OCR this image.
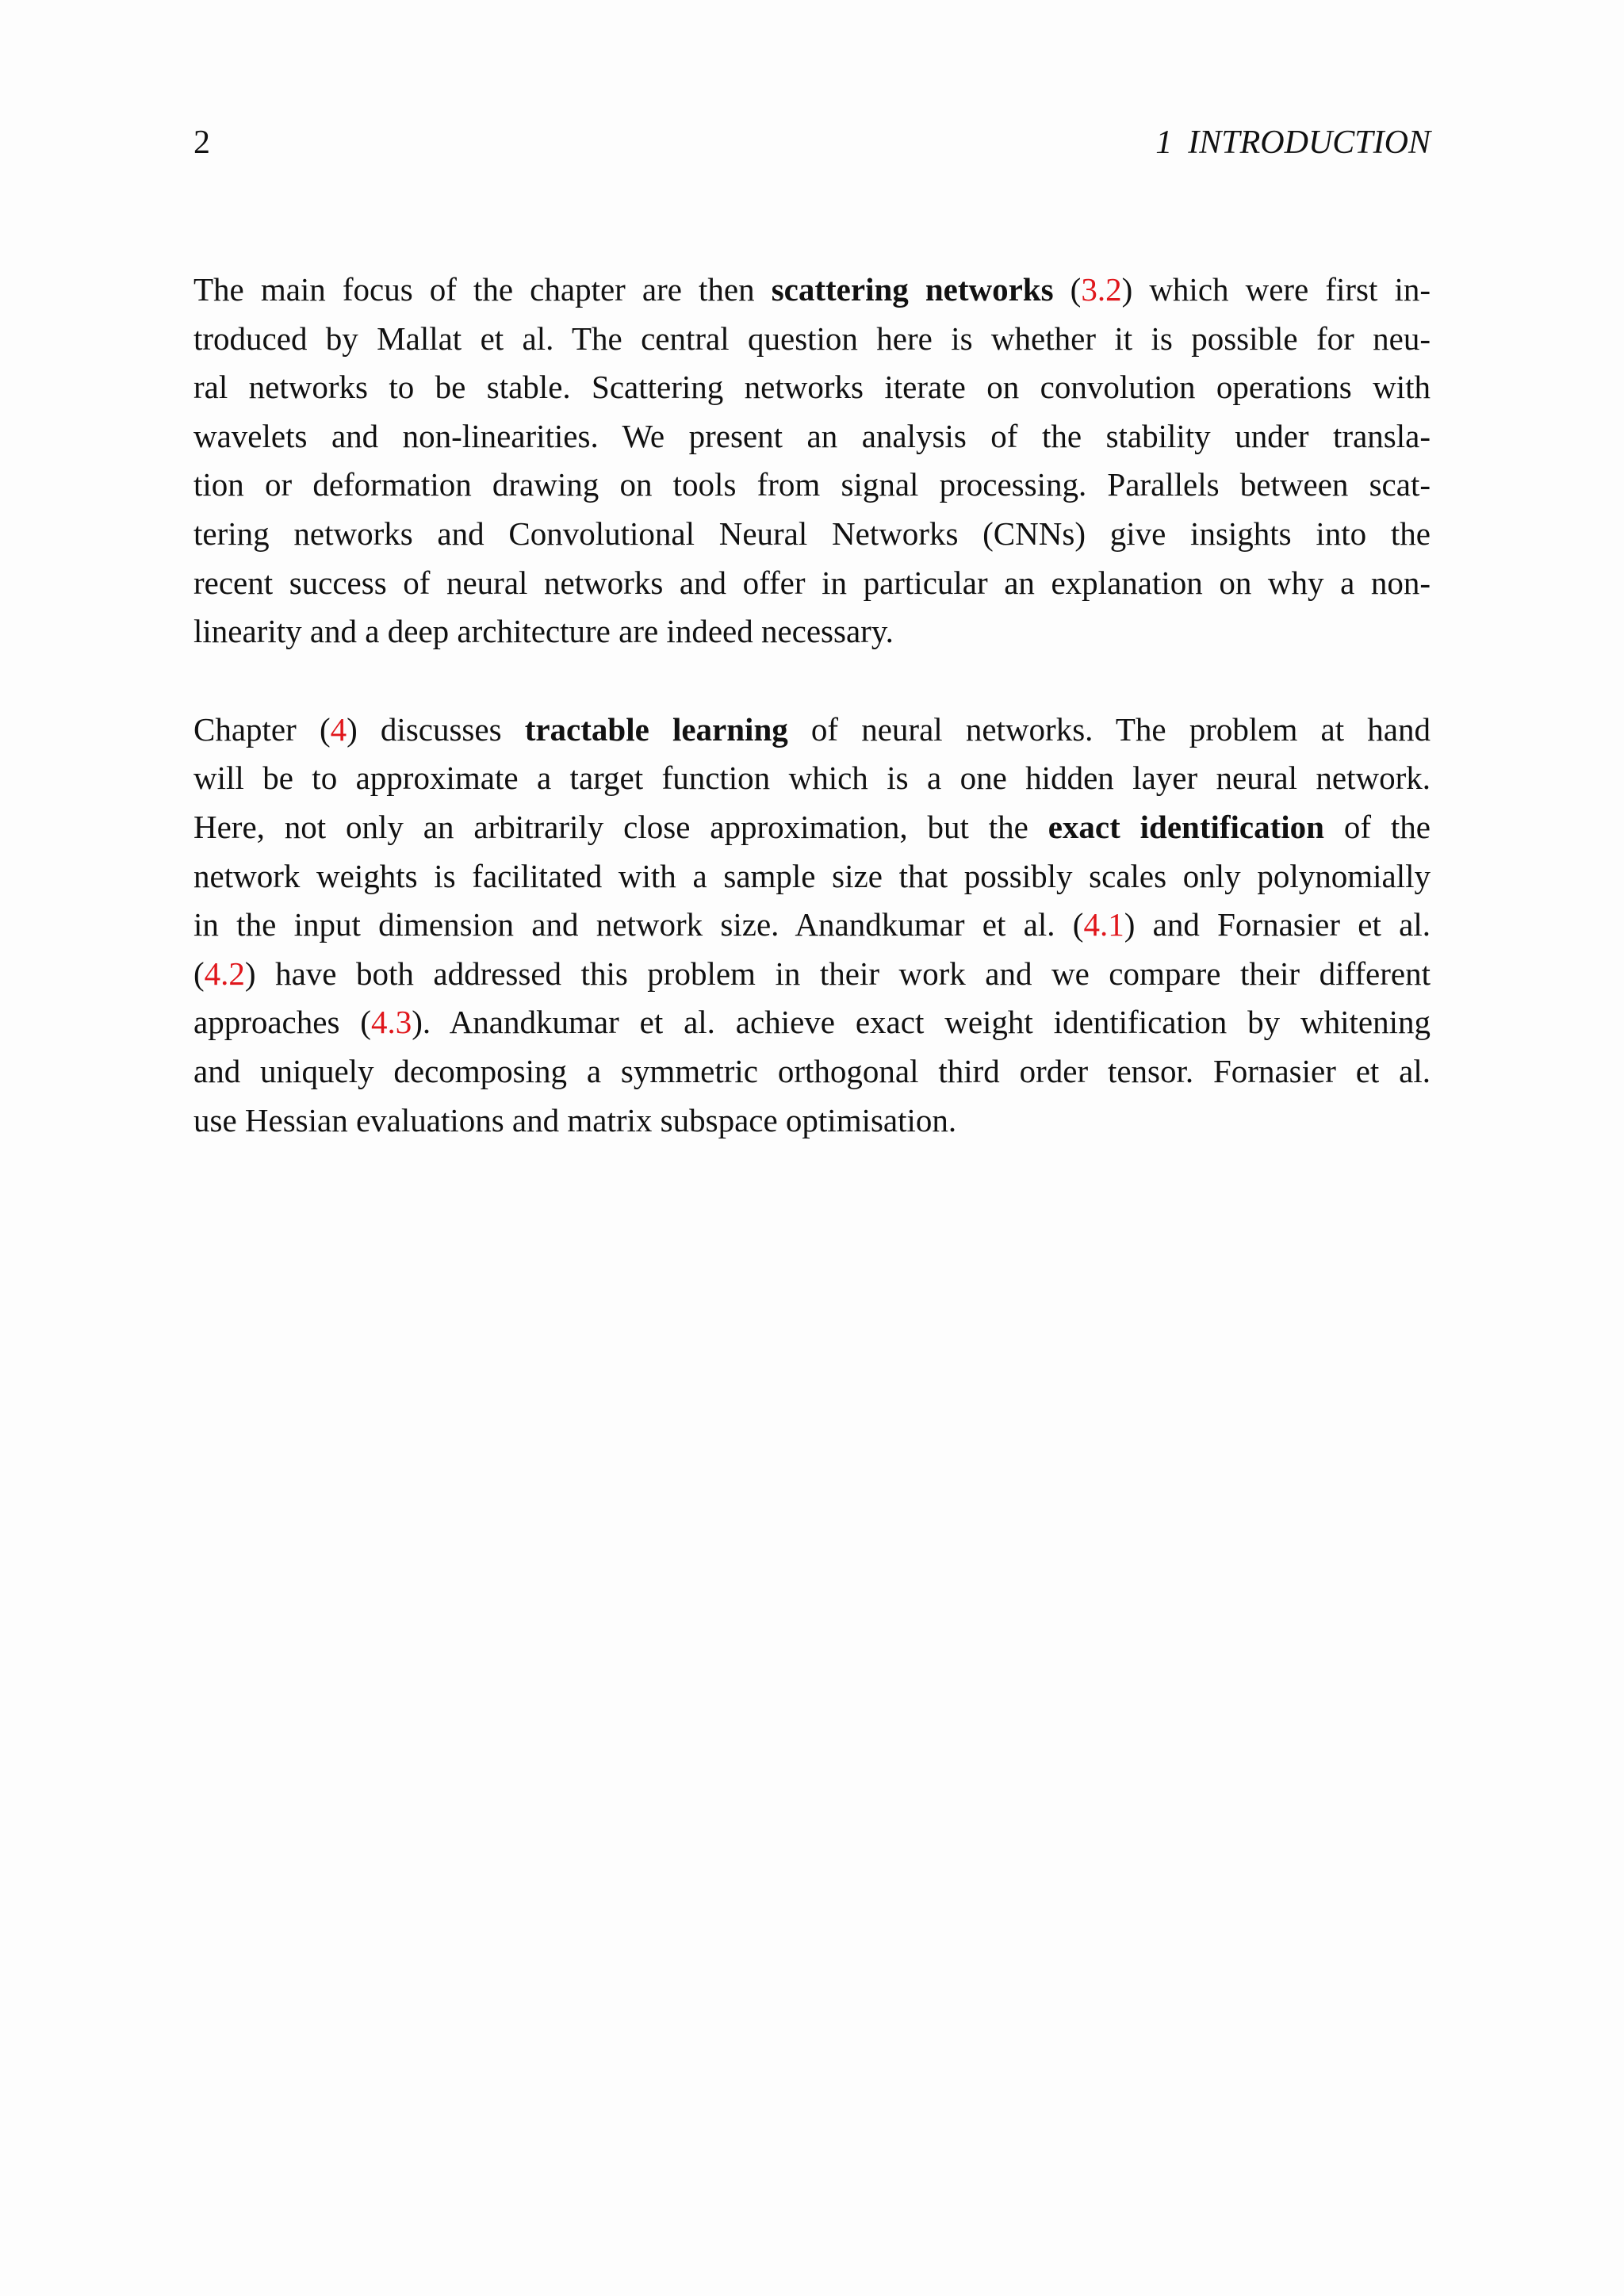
2	1 INTRODUCTION

The main focus of the chapter are then scattering networks (3.2) which were first in-
troduced by Mallat et al. The central question here is whether it is possible for neu-
ral networks to be stable. Scattering networks iterate on convolution operations with
wavelets and non-linearities. We present an analysis of the stability under transla-
tion or deformation drawing on tools from signal processing. Parallels between scat-
tering networks and Convolutional Neural Networks (CNNs) give insights into the
recent success of neural networks and offer in particular an explanation on why a non-
linearity and a deep architecture are indeed necessary.

Chapter (4) discusses tractable learning of neural networks. The problem at hand
will be to approximate a target function which is a one hidden layer neural network.
Here, not only an arbitrarily close approximation, but the exact identification of the
network weights is facilitated with a sample size that possibly scales only polynomially
in the input dimension and network size. Anandkumar et al. (4.1) and Fornasier et al.
(4.2) have both addressed this problem in their work and we compare their different
approaches (4.3). Anandkumar et al. achieve exact weight identification by whitening
and uniquely decomposing a symmetric orthogonal third order tensor. Fornasier et al.
use Hessian evaluations and matrix subspace optimisation.
